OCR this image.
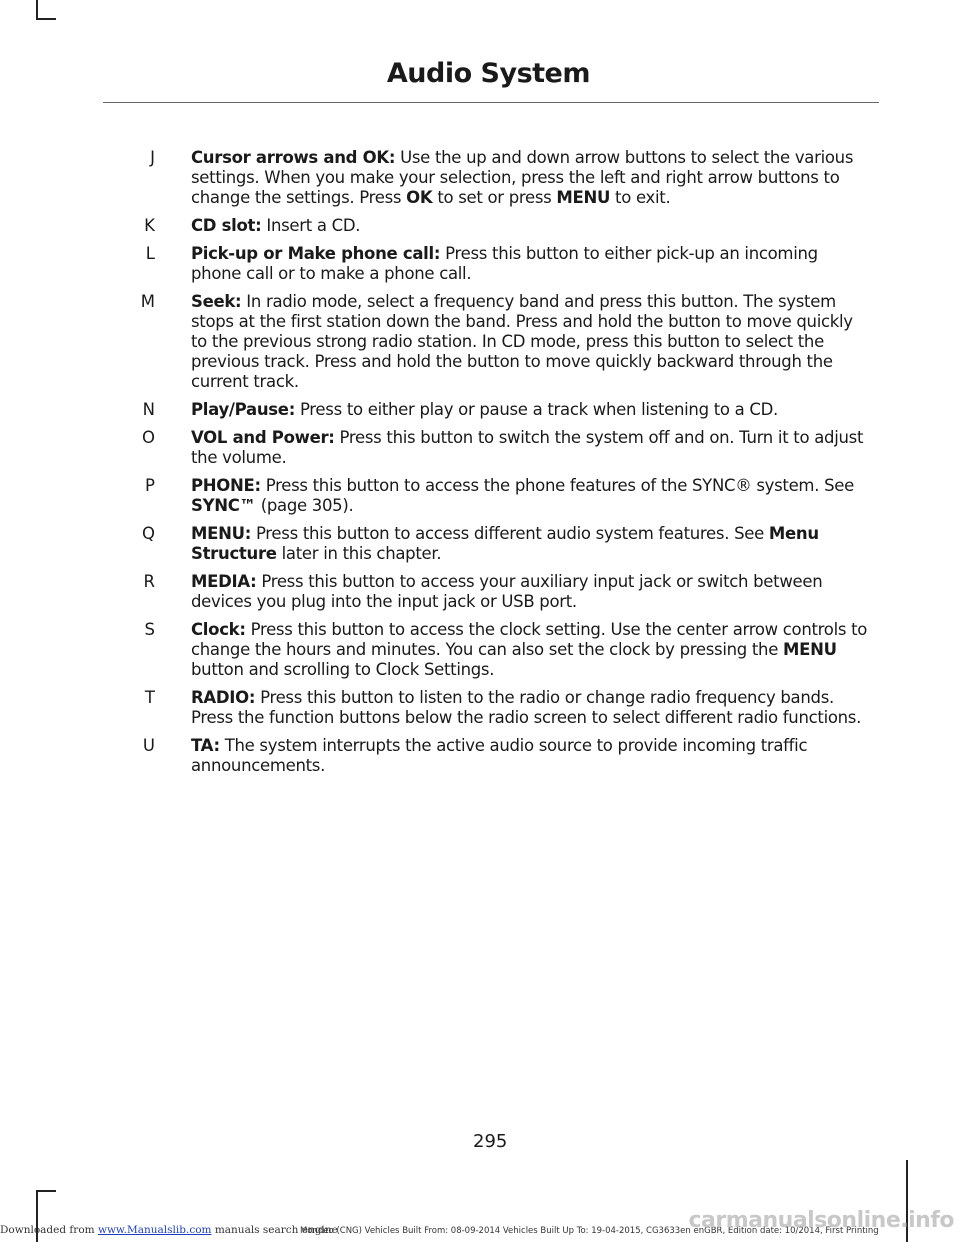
Audio System
J Cursor arrows and OK: Use the up and down arrow buttons to select the various settings. When you make your selection, press the left and right arrow buttons to change the settings. Press OK to set or press MENU to exit.
K CD slot: Insert a CD.
L Pick-up or Make phone call: Press this button to either pick-up an incoming phone call or to make a phone call.
M Seek: In radio mode, select a frequency band and press this button. The system stops at the first station down the band. Press and hold the button to move quickly to the previous strong radio station. In CD mode, press this button to select the previous track. Press and hold the button to move quickly backward through the current track.
N Play/Pause: Press to either play or pause a track when listening to a CD.
O VOL and Power: Press this button to switch the system off and on. Turn it to adjust the volume.
P PHONE: Press this button to access the phone features of the SYNC® system. See SYNC™ (page 305).
Q MENU: Press this button to access different audio system features. See Menu Structure later in this chapter.
R MEDIA: Press this button to access your auxiliary input jack or switch between devices you plug into the input jack or USB port.
S Clock: Press this button to access the clock setting. Use the center arrow controls to change the hours and minutes. You can also set the clock by pressing the MENU button and scrolling to Clock Settings.
T RADIO: Press this button to listen to the radio or change radio frequency bands. Press the function buttons below the radio screen to select different radio functions.
U TA: The system interrupts the active audio source to provide incoming traffic announcements.
295
Downloaded from www.Manualslib.com manuals search engine
Mondeo (CNG) Vehicles Built From: 08-09-2014 Vehicles Built Up To: 19-04-2015, CG3633en enGBR, Edition date: 10/2014, First Printing
carmanualsonline.info
